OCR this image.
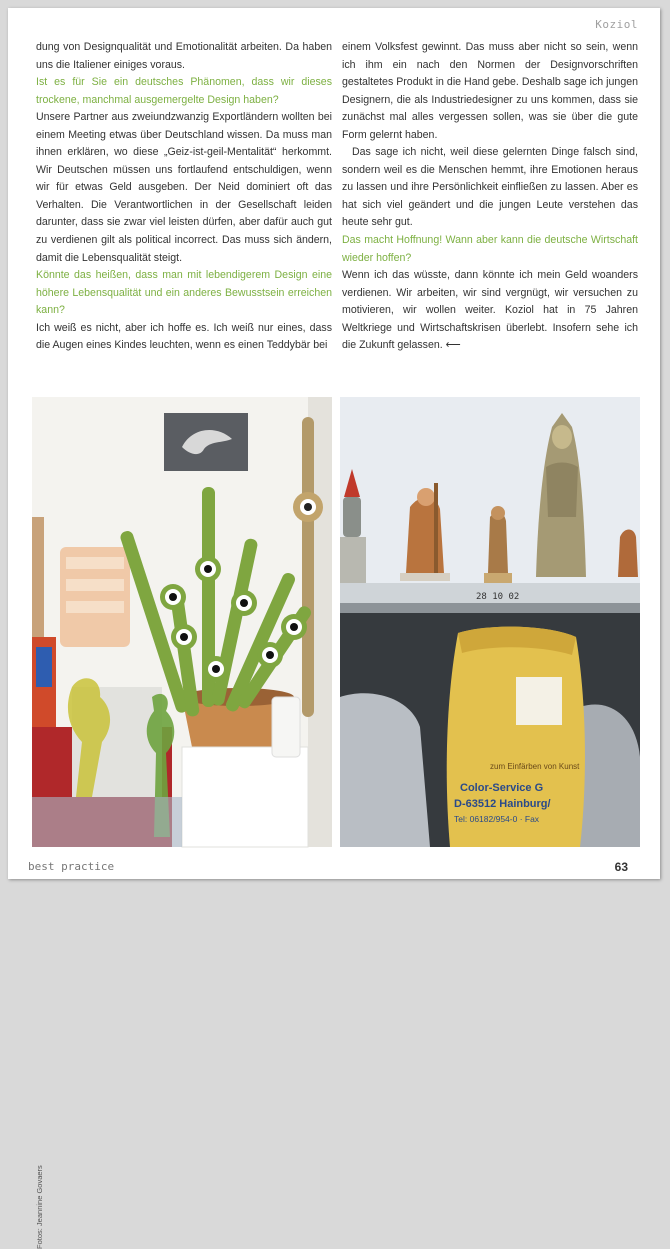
Koziol

dung von Designqualität und Emotionalität arbeiten. Da haben uns die Italiener einiges voraus.

Ist es für Sie ein deutsches Phänomen, dass wir dieses trockene, manchmal ausgemergelte Design haben?

Unsere Partner aus zweiundzwanzig Exportländern wollten bei einem Meeting etwas über Deutschland wissen. Da muss man ihnen erklären, wo diese „Geiz-ist-geil-Mentalität“ herkommt. Wir Deutschen müssen uns fortlaufend entschuldigen, wenn wir für etwas Geld ausgeben. Der Neid dominiert oft das Verhalten. Die Verantwortlichen in der Gesellschaft leiden darunter, dass sie zwar viel leisten dürfen, aber dafür auch gut zu verdienen gilt als political incorrect. Das muss sich ändern, damit die Lebensqualität steigt.

Könnte das heißen, dass man mit lebendigerem Design eine höhere Lebensqualität und ein anderes Bewusstsein erreichen kann?

Ich weiß es nicht, aber ich hoffe es. Ich weiß nur eines, dass die Augen eines Kindes leuchten, wenn es einen Teddybär bei

einem Volksfest gewinnt. Das muss aber nicht so sein, wenn ich ihm ein nach den Normen der Designvorschriften gestaltetes Produkt in die Hand gebe. Deshalb sage ich jungen Designern, die als Industriedesigner zu uns kommen, dass sie zunächst mal alles vergessen sollen, was sie über die gute Form gelernt haben.

Das sage ich nicht, weil diese gelernten Dinge falsch sind, sondern weil es die Menschen hemmt, ihre Emotionen heraus zu lassen und ihre Persönlichkeit einfließen zu lassen. Aber es hat sich viel geändert und die jungen Leute verstehen das heute sehr gut.

Das macht Hoffnung! Wann aber kann die deutsche Wirtschaft wieder hoffen?

Wenn ich das wüsste, dann könnte ich mein Geld woanders verdienen. Wir arbeiten, wir sind vergnügt, wir versuchen zu motivieren, wir wollen weiter. Koziol hat in 75 Jahren Weltkriege und Wirtschaftskrisen überlebt. Insofern sehe ich die Zukunft gelassen. ⟵

Fotos: Jeannine Govaers
28 10 02
zum Einfärben von Kunst
Color-Service G
D-63512 Hainburg/
Tel: 06182/954-0 · Fax
best practice	63
